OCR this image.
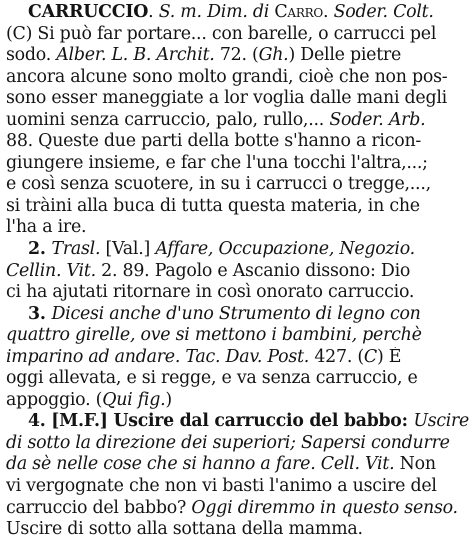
CARRUCCIO. S. m. Dim. di Carro. Soder. Colt.
(C) Si può far portare... con barelle, o carrucci pel
sodo. Alber. L. B. Archit. 72. (Gh.) Delle pietre
ancora alcune sono molto grandi, cioè che non pos-
sono esser maneggiate a lor voglia dalle mani degli
uomini senza carruccio, palo, rullo,... Soder. Arb.
88. Queste due parti della botte s'hanno a ricon-
giungere insieme, e far che l'una tocchi l'altra,...;
e così senza scuotere, in su i carrucci o tregge,...,
si tràini alla buca di tutta questa materia, in che
l'ha a ire.
2. Trasl. [Val.] Affare, Occupazione, Negozio.
Cellin. Vit. 2. 89. Pagolo e Ascanio dissono: Dio
ci ha ajutati ritornare in così onorato carruccio.
3. Dicesi anche d'uno Strumento di legno con
quattro girelle, ove si mettono i bambini, perchè
imparino ad andare. Tac. Dav. Post. 427. (C) È
oggi allevata, e si regge, e va senza carruccio, e
appoggio. (Qui fig.)
4. [M.F.] Uscire dal carruccio del babbo: Uscire
di sotto la direzione dei superiori; Sapersi condurre
da sè nelle cose che si hanno a fare. Cell. Vit. Non
vi vergognate che non vi basti l'animo a uscire del
carruccio del babbo? Oggi diremmo in questo senso.
Uscire di sotto alla sottana della mamma.
